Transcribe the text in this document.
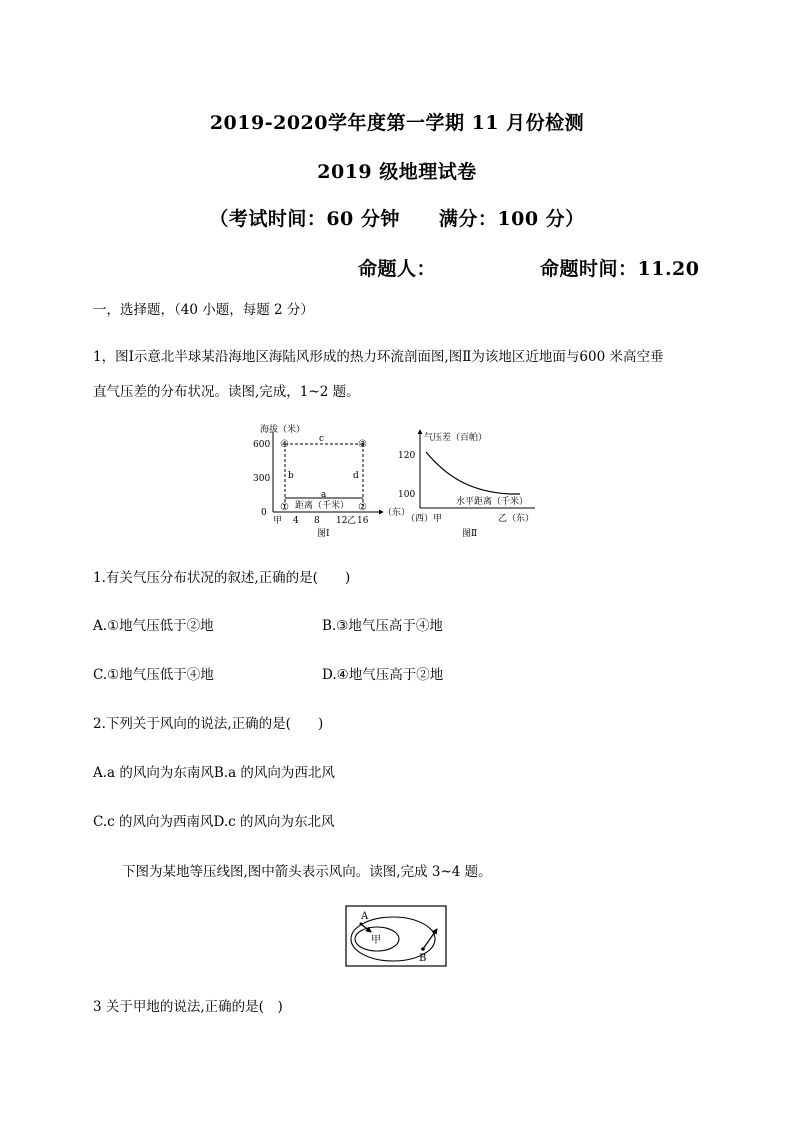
2019-2020学年度第一学期 11 月份检测
2019 级地理试卷
（考试时间：60 分钟　　满分：100 分）
命题人：	命题时间：11.20
一，选择题，（40 小题，每题 2 分）
1，图Ⅰ示意北半球某沿海地区海陆风形成的热力环流剖面图,图Ⅱ为该地区近地面与600 米高空垂
直气压差的分布状况。读图,完成，1~2 题。
海拔（米）
600
300
0
④	③
①	②
c
b	d
a
距离（千米）
（东）
甲 4 8 12 乙 16
图Ⅰ
气压差（百帕）
120
100
水平距离（千米）
（西）甲	乙（东）
图Ⅱ
1.有关气压分布状况的叙述,正确的是(　　)
A.①地气压低于②地	B.③地气压高于④地
C.①地气压低于④地	D.④地气压高于②地
2.下列关于风向的说法,正确的是(　　)
A.a 的风向为东南风B.a 的风向为西北风
C.c 的风向为西南风D.c 的风向为东北风
下图为某地等压线图,图中箭头表示风向。读图,完成 3~4 题。
A
B
甲
3 关于甲地的说法,正确的是(　)
